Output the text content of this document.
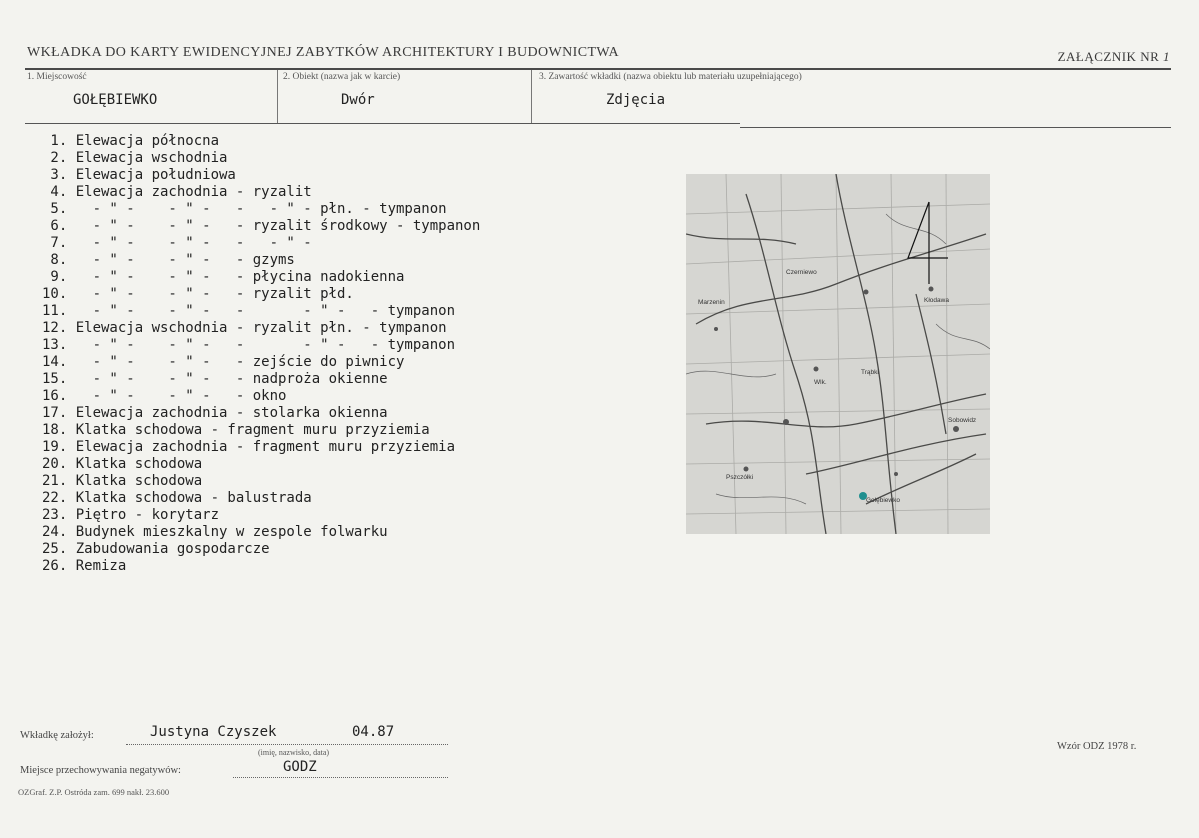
WKŁADKA DO KARTY EWIDENCYJNEJ ZABYTKÓW ARCHITEKTURY I BUDOWNICTWA	ZAŁĄCZNIK NR 1
1. Miejscowość
GOŁĘBIEWKO
2. Obiekt (nazwa jak w karcie)
Dwór
3. Zawartość wkładki (nazwa obiektu lub materiału uzupełniającego)
Zdjęcia
1. Elewacja północna
2. Elewacja wschodnia
3. Elewacja południowa
4. Elewacja zachodnia - ryzalit
5.   - " -    - " -   -   - " - płn. - tympanon
6.   - " -    - " -   - ryzalit środkowy - tympanon
7.   - " -    - " -   -   - " -
8.   - " -    - " -   - gzyms
9.   - " -    - " -   - płycina nadokienna
10.   - " -    - " -   - ryzalit płd.
11.   - " -    - " -   -       - " -   - tympanon
12. Elewacja wschodnia - ryzalit płn. - tympanon
13.   - " -    - " -   -       - " -   - tympanon
14.   - " -    - " -   - zejście do piwnicy
15.   - " -    - " -   - nadproża okienne
16.   - " -    - " -   - okno
17. Elewacja zachodnia - stolarka okienna
18. Klatka schodowa - fragment muru przyziemia
19. Elewacja zachodnia - fragment muru przyziemia
20. Klatka schodowa
21. Klatka schodowa
22. Klatka schodowa - balustrada
23. Piętro - korytarz
24. Budynek mieszkalny w zespole folwarku
25. Zabudowania gospodarcze
26. Remiza
Marzenin
Sobowidz
Kłodawa
Trąbki
Wlk.
Gołębiewko
Czerniewo
Pszczółki
Wkładkę założył:	Justyna Czyszek	04.87
(imię, nazwisko, data)
Miejsce przechowywania negatywów:	GODZ
OZGraf. Z.P. Ostróda zam. 699 nakł. 23.600
Wzór ODZ 1978 r.
